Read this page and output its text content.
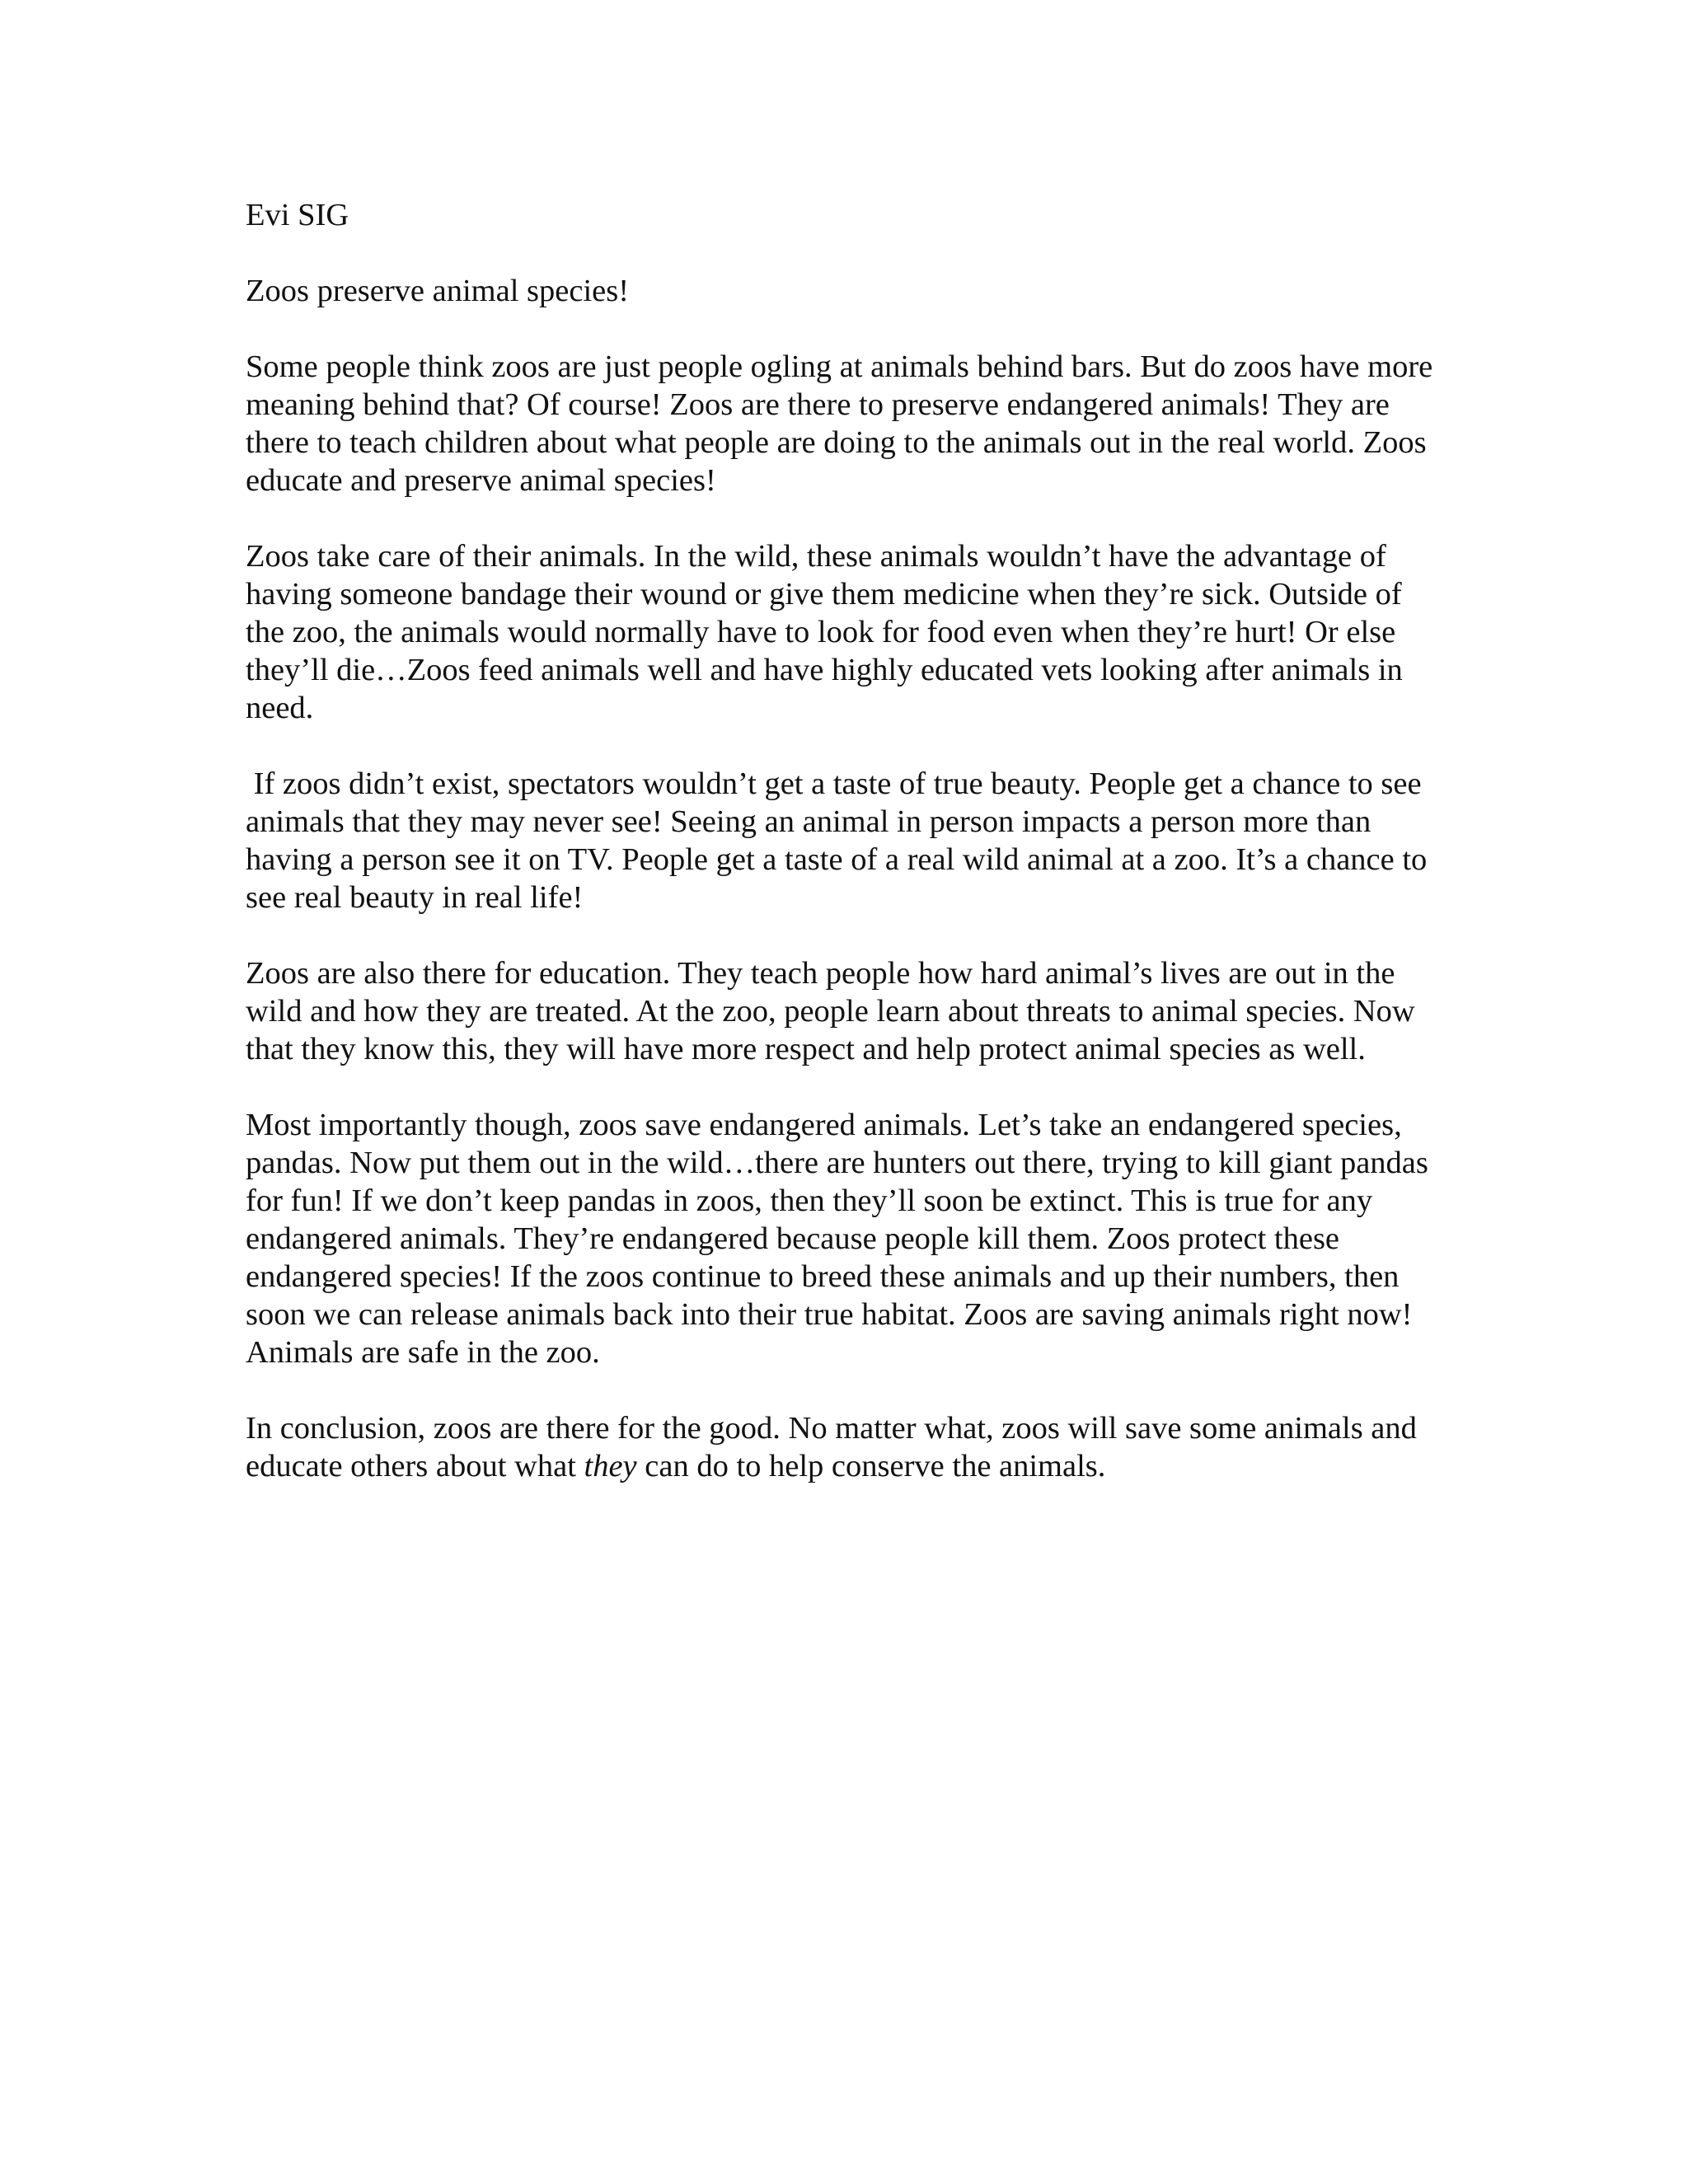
Evi SIG

Zoos preserve animal species!

Some people think zoos are just people ogling at animals behind bars. But do zoos have more meaning behind that? Of course! Zoos are there to preserve endangered animals! They are there to teach children about what people are doing to the animals out in the real world. Zoos educate and preserve animal species!

Zoos take care of their animals. In the wild, these animals wouldn’t have the advantage of having someone bandage their wound or give them medicine when they’re sick. Outside of the zoo, the animals would normally have to look for food even when they’re hurt! Or else they’ll die…Zoos feed animals well and have highly educated vets looking after animals in need.

If zoos didn’t exist, spectators wouldn’t get a taste of true beauty. People get a chance to see animals that they may never see! Seeing an animal in person impacts a person more than having a person see it on TV. People get a taste of a real wild animal at a zoo. It’s a chance to see real beauty in real life!

Zoos are also there for education. They teach people how hard animal’s lives are out in the wild and how they are treated. At the zoo, people learn about threats to animal species. Now that they know this, they will have more respect and help protect animal species as well.

Most importantly though, zoos save endangered animals. Let’s take an endangered species, pandas. Now put them out in the wild…there are hunters out there, trying to kill giant pandas for fun! If we don’t keep pandas in zoos, then they’ll soon be extinct. This is true for any endangered animals. They’re endangered because people kill them. Zoos protect these endangered species! If the zoos continue to breed these animals and up their numbers, then soon we can release animals back into their true habitat. Zoos are saving animals right now! Animals are safe in the zoo.

In conclusion, zoos are there for the good. No matter what, zoos will save some animals and educate others about what they can do to help conserve the animals.
